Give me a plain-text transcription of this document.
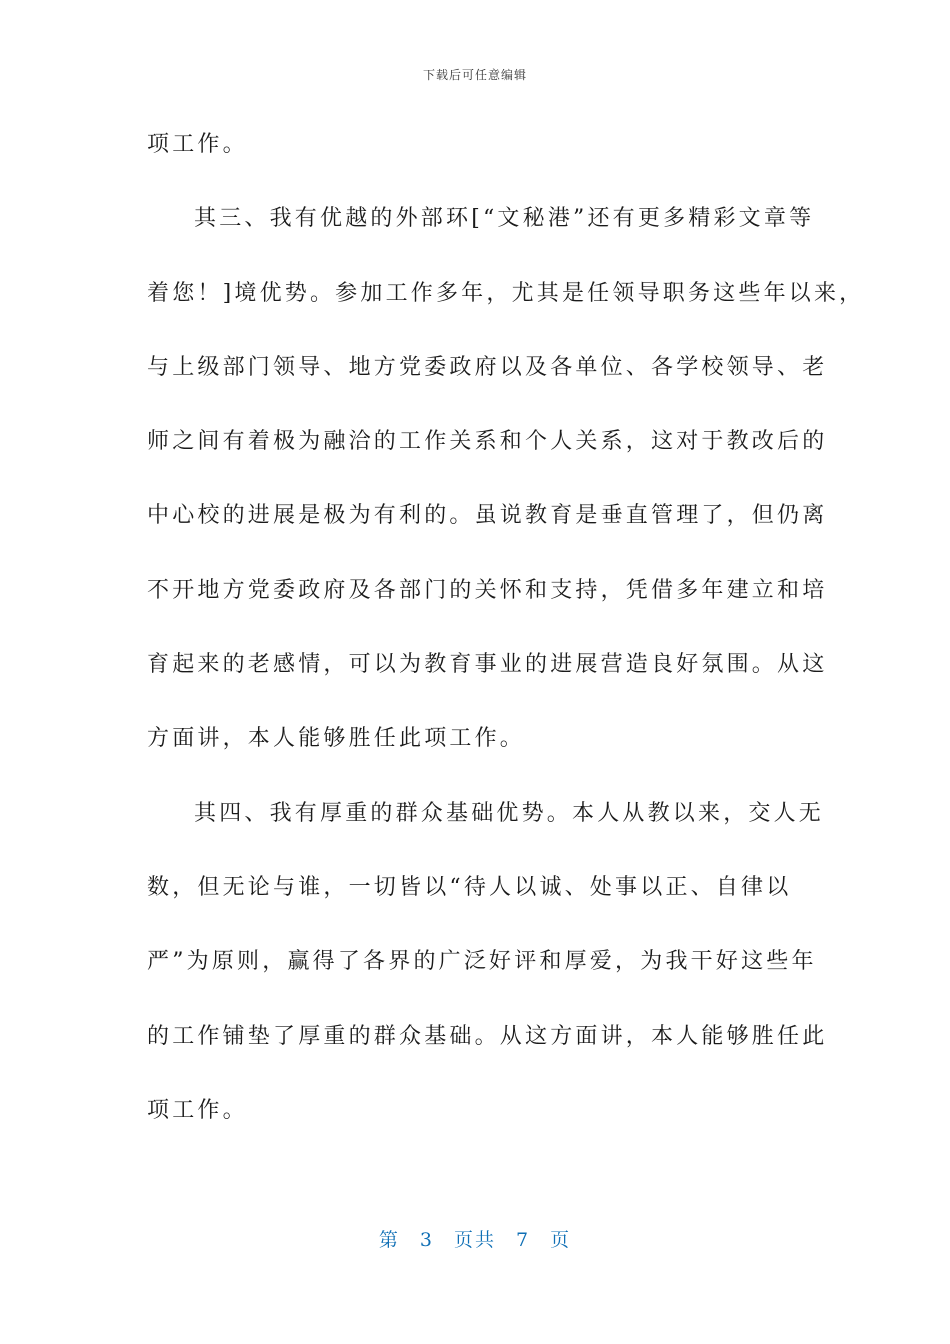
下载后可任意编辑
项工作。
其三、我有优越的外部环[“文秘港”还有更多精彩文章等
着您！]境优势。参加工作多年，尤其是任领导职务这些年以来，
与上级部门领导、地方党委政府以及各单位、各学校领导、老
师之间有着极为融洽的工作关系和个人关系，这对于教改后的
中心校的进展是极为有利的。虽说教育是垂直管理了，但仍离
不开地方党委政府及各部门的关怀和支持，凭借多年建立和培
育起来的老感情，可以为教育事业的进展营造良好氛围。从这
方面讲，本人能够胜任此项工作。
其四、我有厚重的群众基础优势。本人从教以来，交人无
数，但无论与谁，一切皆以“待人以诚、处事以正、自律以
严”为原则，赢得了各界的广泛好评和厚爱，为我干好这些年
的工作铺垫了厚重的群众基础。从这方面讲，本人能够胜任此
项工作。
第 3 页共 7 页
